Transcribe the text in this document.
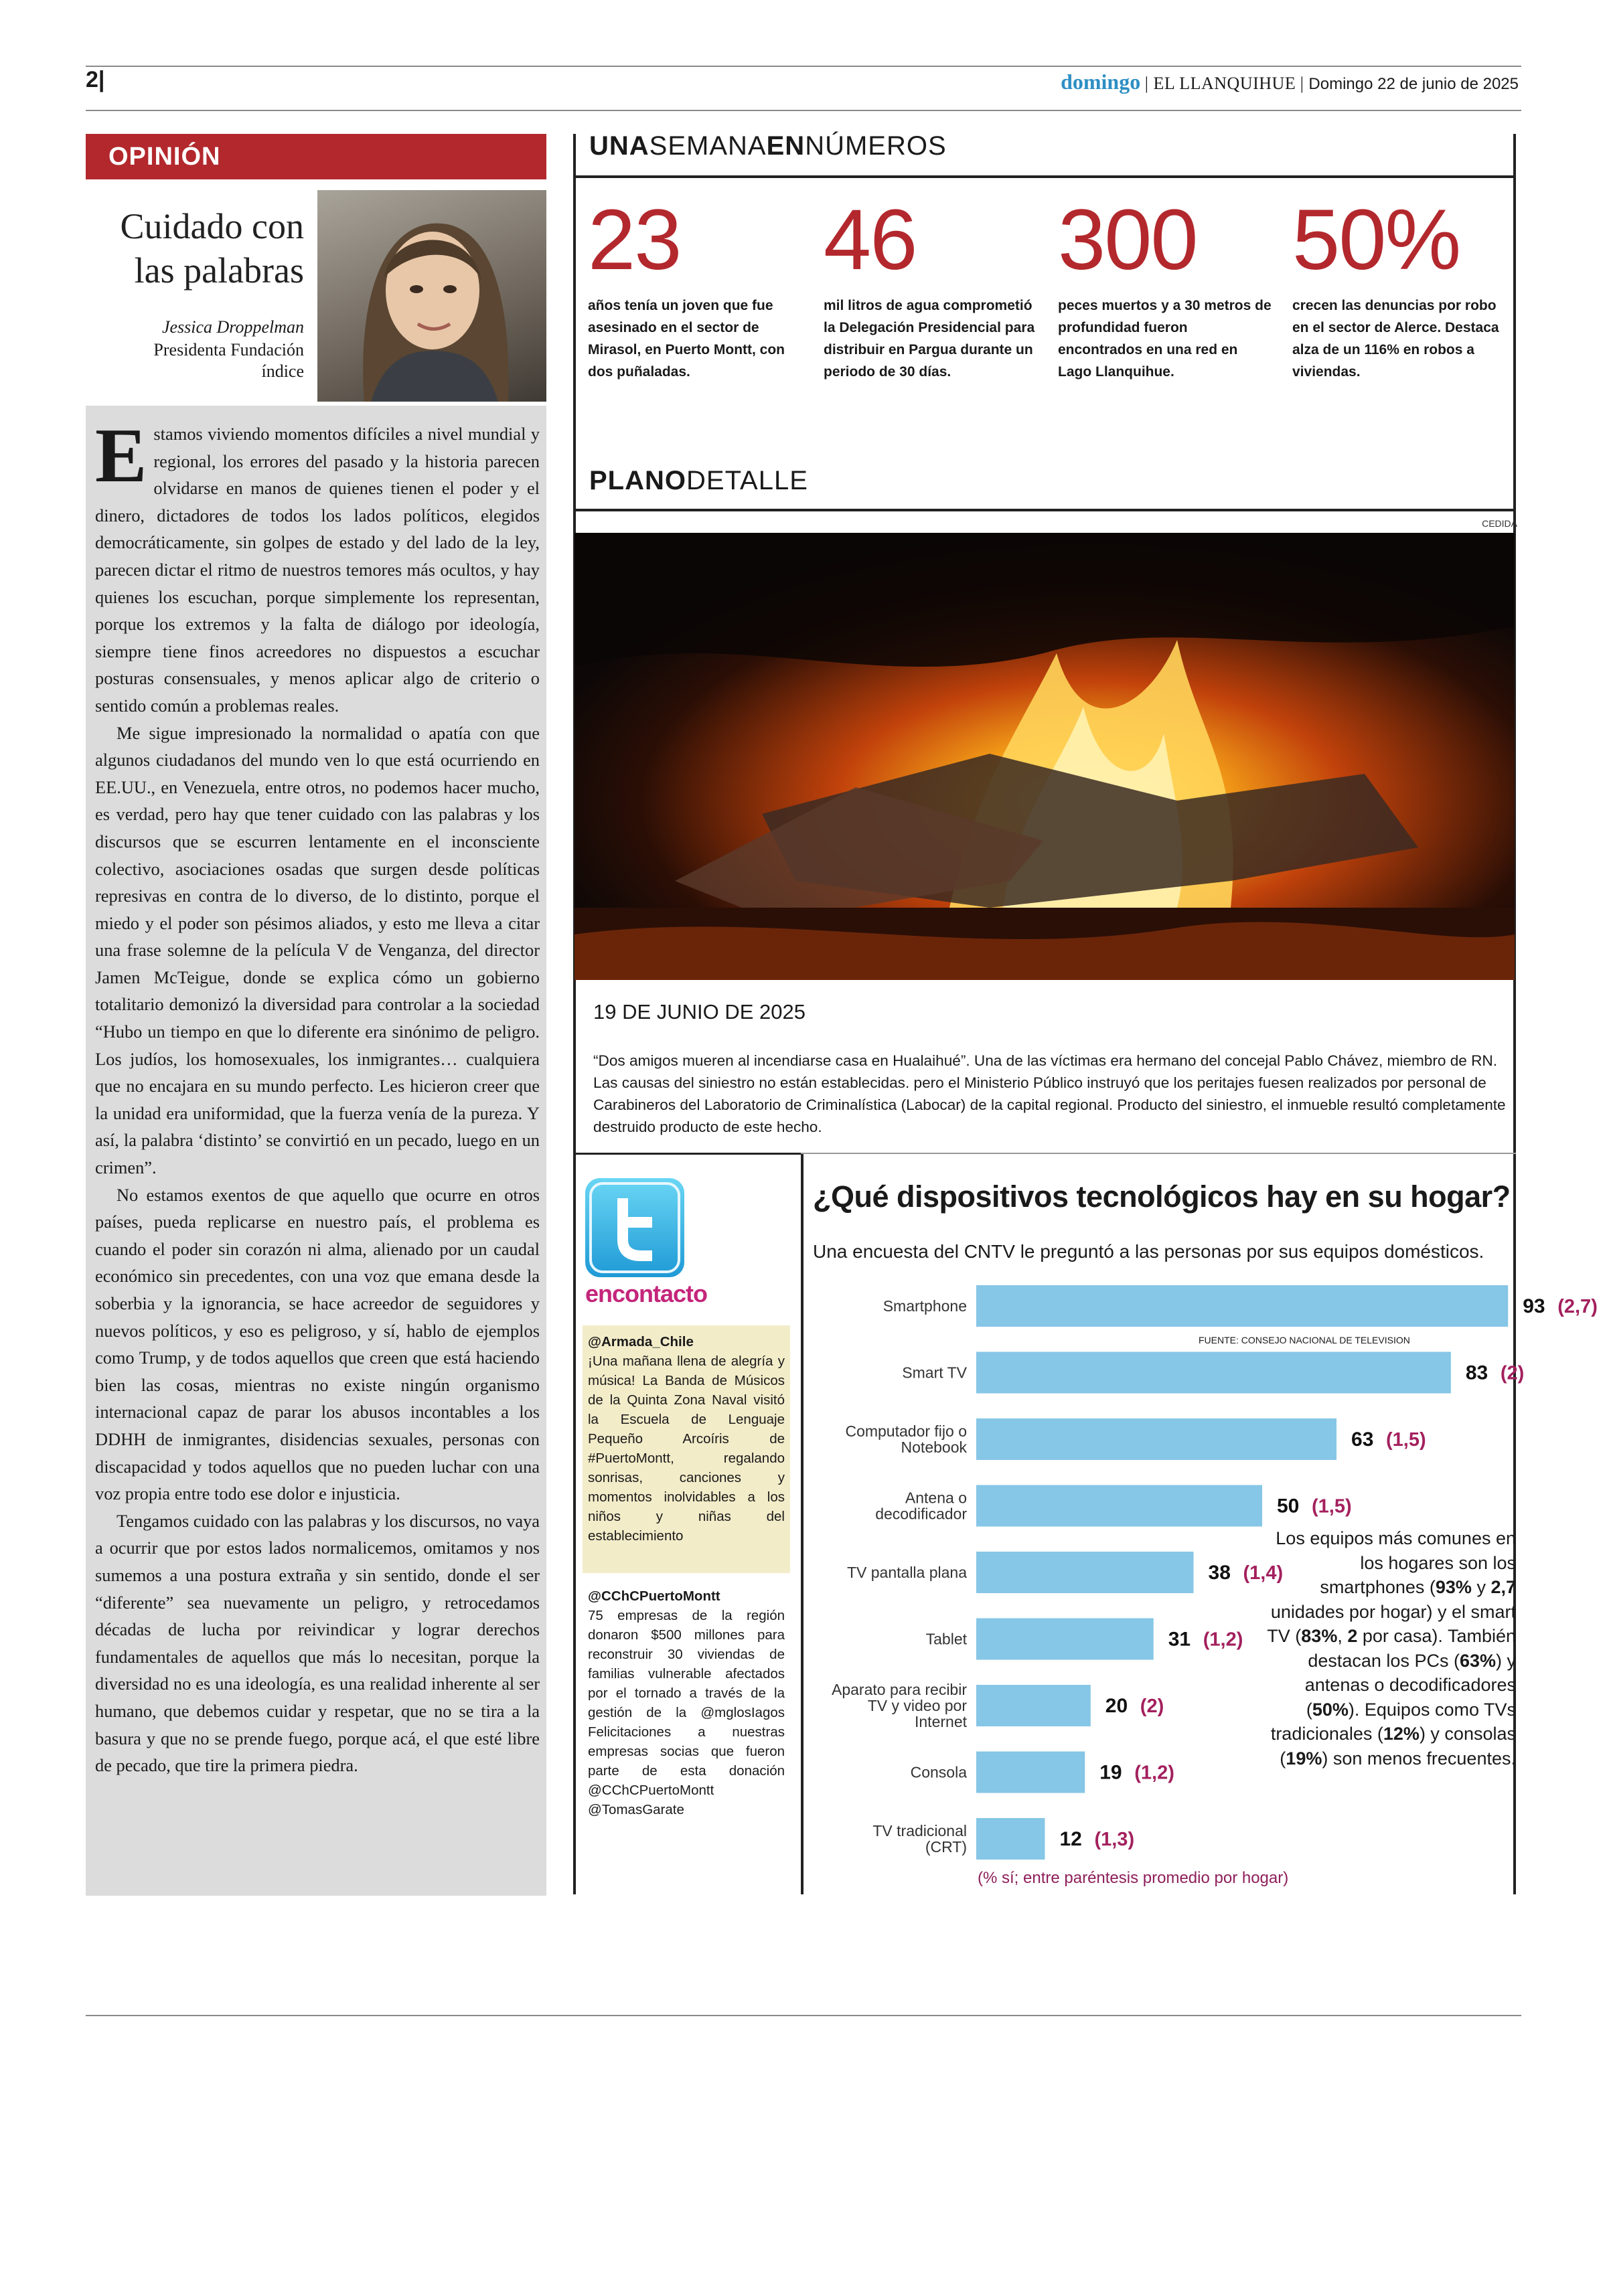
2|	domingo | EL LLANQUIHUE | Domingo 22 de junio de 2025
OPINIÓN
Cuidado con
las palabras
Jessica Droppelman
Presidenta Fundación
índice

Estamos viviendo momentos difíciles a nivel mundial y regional, los errores del pasado y la historia parecen olvidarse en manos de quienes tienen el poder y el dinero, dictadores de todos los lados políticos, elegidos democráticamente, sin golpes de estado y del lado de la ley, parecen dictar el ritmo de nuestros temores más ocultos, y hay quienes los escuchan, porque simplemente los representan, porque los extremos y la falta de diálogo por ideología, siempre tiene finos acreedores no dispuestos a escuchar posturas consensuales, y menos aplicar algo de criterio o sentido común a problemas reales.

Me sigue impresionado la normalidad o apatía con que algunos ciudadanos del mundo ven lo que está ocurriendo en EE.UU., en Venezuela, entre otros, no podemos hacer mucho, es verdad, pero hay que tener cuidado con las palabras y los discursos que se escurren lentamente en el inconsciente colectivo, asociaciones osadas que surgen desde políticas represivas en contra de lo diverso, de lo distinto, porque el miedo y el poder son pésimos aliados, y esto me lleva a citar una frase solemne de la película V de Venganza, del director Jamen McTeigue, donde se explica cómo un gobierno totalitario demonizó la diversidad para controlar a la sociedad “Hubo un tiempo en que lo diferente era sinónimo de peligro. Los judíos, los homosexuales, los inmigrantes… cualquiera que no encajara en su mundo perfecto. Les hicieron creer que la unidad era uniformidad, que la fuerza venía de la pureza. Y así, la palabra ‘distinto’ se convirtió en un pecado, luego en un crimen”.

No estamos exentos de que aquello que ocurre en otros países, pueda replicarse en nuestro país, el problema es cuando el poder sin corazón ni alma, alienado por un caudal económico sin precedentes, con una voz que emana desde la soberbia y la ignorancia, se hace acreedor de seguidores y nuevos políticos, y eso es peligroso, y sí, hablo de ejemplos como Trump, y de todos aquellos que creen que está haciendo bien las cosas, mientras no existe ningún organismo internacional capaz de parar los abusos incontables a los DDHH de inmigrantes, disidencias sexuales, personas con discapacidad y todos aquellos que no pueden luchar con una voz propia entre todo ese dolor e injusticia.

Tengamos cuidado con las palabras y los discursos, no vaya a ocurrir que por estos lados normalicemos, omitamos y nos sumemos a una postura extraña y sin sentido, donde el ser “diferente” sea nuevamente un peligro, y retrocedamos décadas de lucha por reivindicar y lograr derechos fundamentales de aquellos que más lo necesitan, porque la diversidad no es una ideología, es una realidad inherente al ser humano, que debemos cuidar y respetar, que no se tira a la basura y que no se prende fuego, porque acá, el que esté libre de pecado, que tire la primera piedra.

UNASEMANAENNÚMEROS
23
años tenía un joven que fue asesinado en el sector de Mirasol, en Puerto Montt, con dos puñaladas.
46
mil litros de agua comprometió la Delegación Presidencial para distribuir en Pargua durante un periodo de 30 días.
300
peces muertos y a 30 metros de profundidad fueron encontrados en una red en Lago Llanquihue.
50%
crecen las denuncias por robo en el sector de Alerce. Destaca alza de un 116% en robos a viviendas.
PLANODETALLE
CEDIDA
19 DE JUNIO DE 2025
“Dos amigos mueren al incendiarse casa en Hualaihué”. Una de las víctimas era hermano del concejal Pablo Chávez, miembro de RN. Las causas del siniestro no están establecidas. pero el Ministerio Público instruyó que los peritajes fuesen realizados por personal de Carabineros del Laboratorio de Criminalística (Labocar) de la capital regional. Producto del siniestro, el inmueble resultó completamente destruido producto de este hecho.
encontacto
@Armada_Chile
¡Una mañana llena de alegría y música! La Banda de Músicos de la Quinta Zona Naval visitó la Escuela de Lenguaje Pequeño Arcoíris de #PuertoMontt, regalando sonrisas, canciones y momentos inolvidables a los niños y niñas del establecimiento
@CChCPuertoMontt
75 empresas de la región donaron $500 millones para reconstruir 30 viviendas de familias vulnerable afectados por el tornado a través de la gestión de la @mglosIagos Felicitaciones a nuestras empresas socias que fueron parte de esta donación @CChCPuertoMontt @TomasGarate
¿Qué dispositivos tecnológicos hay en su hogar?
Una encuesta del CNTV le preguntó a las personas por sus equipos domésticos.
Smartphone	93 (2,7)
Smart TV	83 (2)
Computador fijo o
Notebook	63 (1,5)
Antena o
decodificador	50 (1,5)
TV pantalla plana	38 (1,4)
Tablet	31 (1,2)
Aparato para recibir
TV y video por
Internet
20 (2)
Consola	19 (1,2)
TV tradicional
(CRT)	12 (1,3)
FUENTE: CONSEJO NACIONAL DE TELEVISION
(% sí; entre paréntesis promedio por hogar)
Los equipos más comunes en los hogares son los smartphones (93% y 2,7 unidades por hogar) y el smart TV (83%, 2 por casa). También destacan los PCs (63%) y antenas o decodificadores (50%). Equipos como TVs tradicionales (12%) y consolas (19%) son menos frecuentes.
